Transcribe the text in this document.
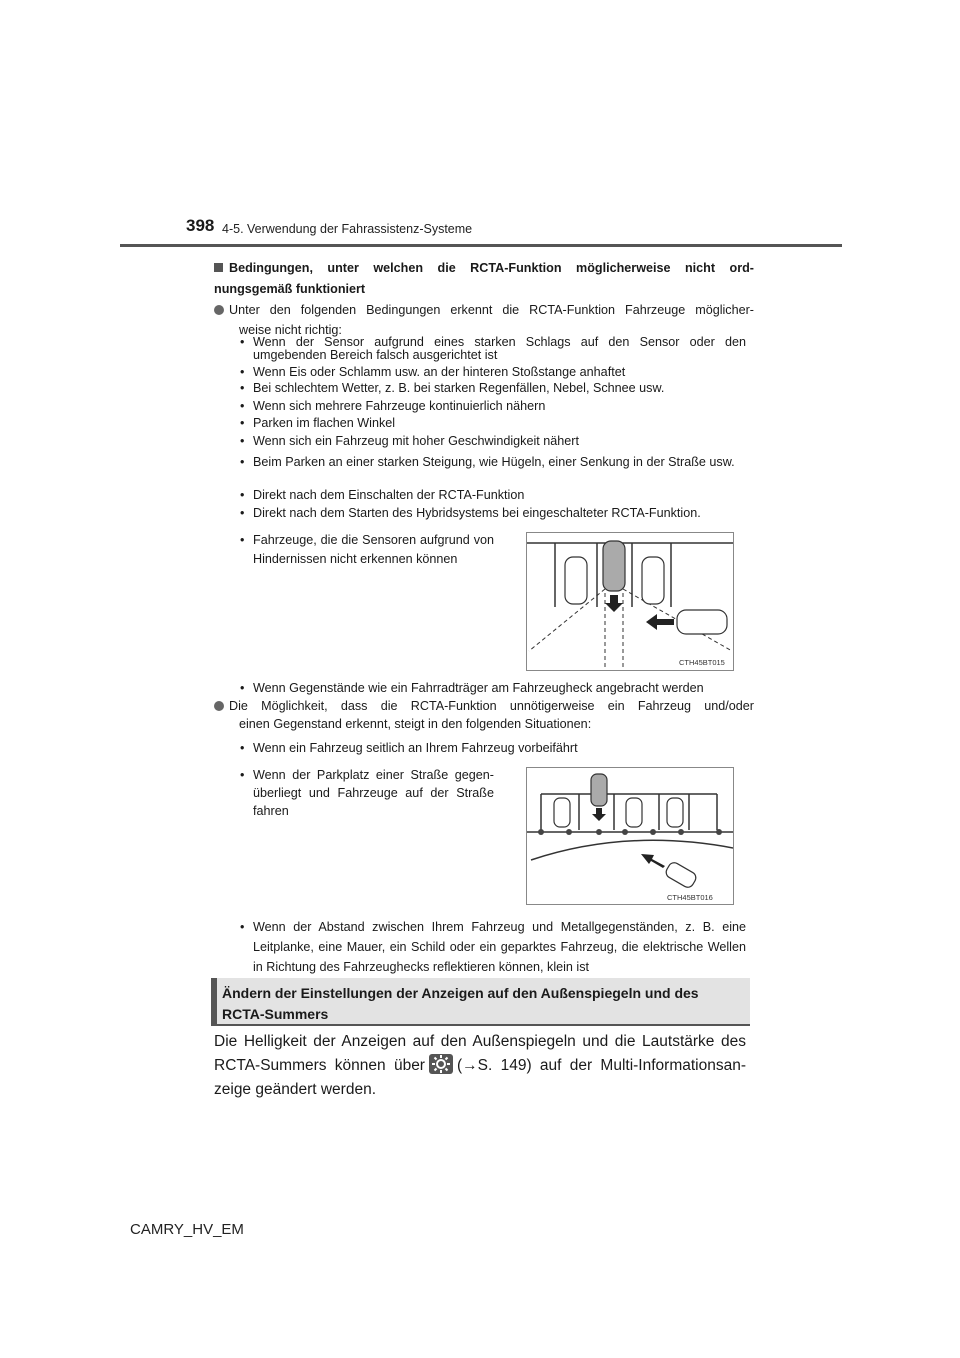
398 4-5. Verwendung der Fahrassistenz-Systeme
Bedingungen, unter welchen die RCTA-Funktion möglicherweise nicht ord-
nungsgemäß funktioniert
Unter den folgenden Bedingungen erkennt die RCTA-Funktion Fahrzeuge möglicher-
weise nicht richtig:
• Wenn der Sensor aufgrund eines starken Schlags auf den Sensor oder den umgebenden Bereich falsch ausgerichtet ist
• Wenn Eis oder Schlamm usw. an der hinteren Stoßstange anhaftet
• Bei schlechtem Wetter, z. B. bei starken Regenfällen, Nebel, Schnee usw.
• Wenn sich mehrere Fahrzeuge kontinuierlich nähern
• Parken im flachen Winkel
• Wenn sich ein Fahrzeug mit hoher Geschwindigkeit nähert
• Beim Parken an einer starken Steigung, wie Hügeln, einer Senkung in der Straße usw.
• Direkt nach dem Einschalten der RCTA-Funktion
• Direkt nach dem Starten des Hybridsystems bei eingeschalteter RCTA-Funktion.
• Fahrzeuge, die die Sensoren aufgrund von Hindernissen nicht erkennen können
CTH45BT015
• Wenn Gegenstände wie ein Fahrradträger am Fahrzeugheck angebracht werden
Die Möglichkeit, dass die RCTA-Funktion unnötigerweise ein Fahrzeug und/oder
einen Gegenstand erkennt, steigt in den folgenden Situationen:
• Wenn ein Fahrzeug seitlich an Ihrem Fahrzeug vorbeifährt
• Wenn der Parkplatz einer Straße gegen-überliegt und Fahrzeuge auf der Straße fahren
CTH45BT016
• Wenn der Abstand zwischen Ihrem Fahrzeug und Metallgegenständen, z. B. eine Leitplanke, eine Mauer, ein Schild oder ein geparktes Fahrzeug, die elektrische Wellen in Richtung des Fahrzeughecks reflektieren können, klein ist
Ändern der Einstellungen der Anzeigen auf den Außenspiegeln und des
RCTA-Summers
Die Helligkeit der Anzeigen auf den Außenspiegeln und die Lautstärke des
RCTA-Summers können über (→S. 149) auf der Multi-Informationsan-
zeige geändert werden.
CAMRY_HV_EM
